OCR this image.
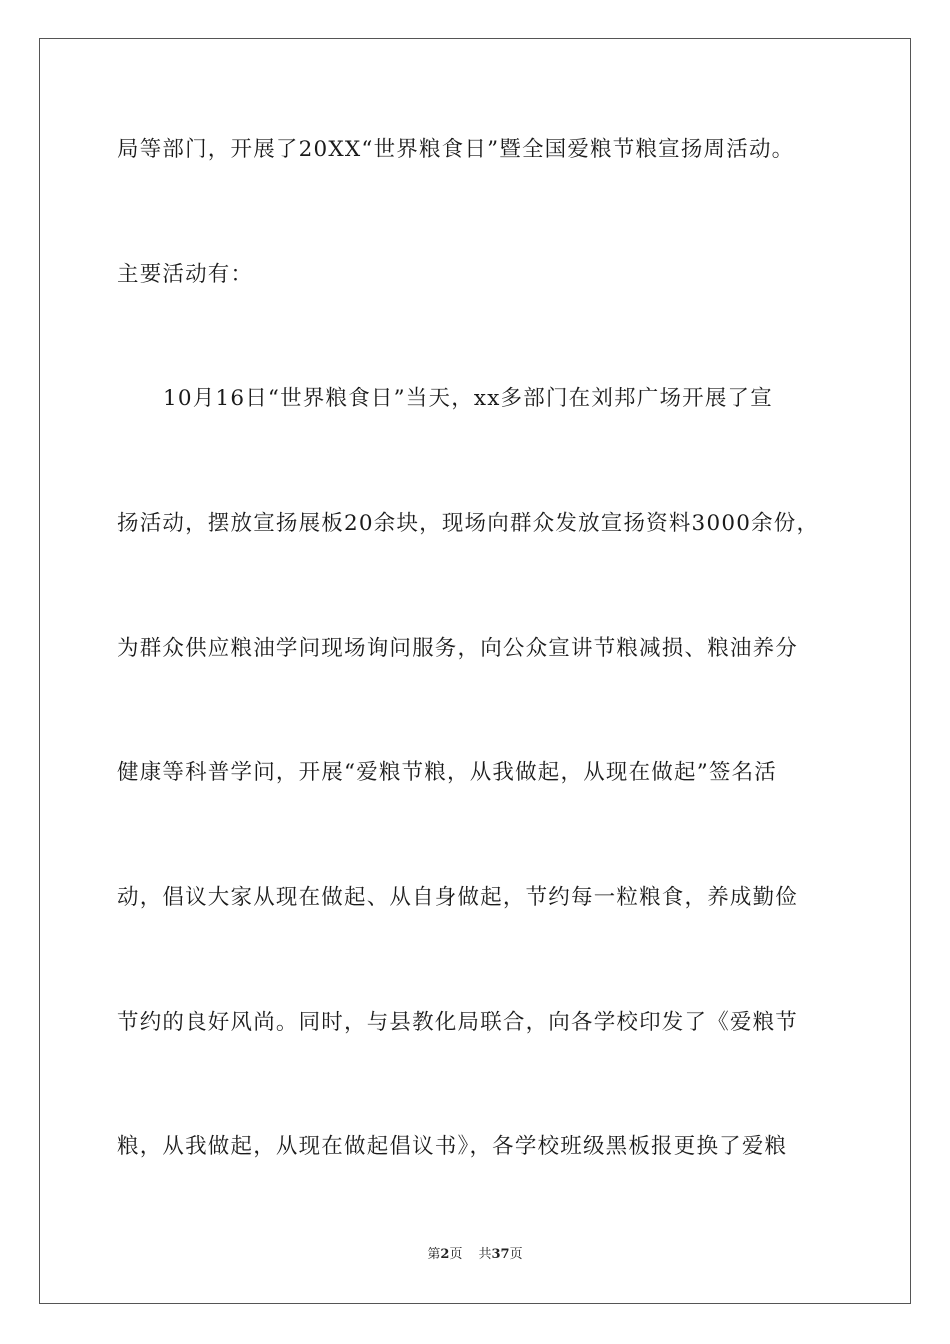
局等部门，开展了20XX“世界粮食日”暨全国爱粮节粮宣扬周活动。
主要活动有：
10月16日“世界粮食日”当天，xx多部门在刘邦广场开展了宣
扬活动，摆放宣扬展板20余块，现场向群众发放宣扬资料3000余份，
为群众供应粮油学问现场询问服务，向公众宣讲节粮减损、粮油养分
健康等科普学问，开展“爱粮节粮，从我做起，从现在做起”签名活
动，倡议大家从现在做起、从自身做起，节约每一粒粮食，养成勤俭
节约的良好风尚。同时，与县教化局联合，向各学校印发了《爱粮节
粮，从我做起，从现在做起倡议书》，各学校班级黑板报更换了爱粮
第2页 共37页
